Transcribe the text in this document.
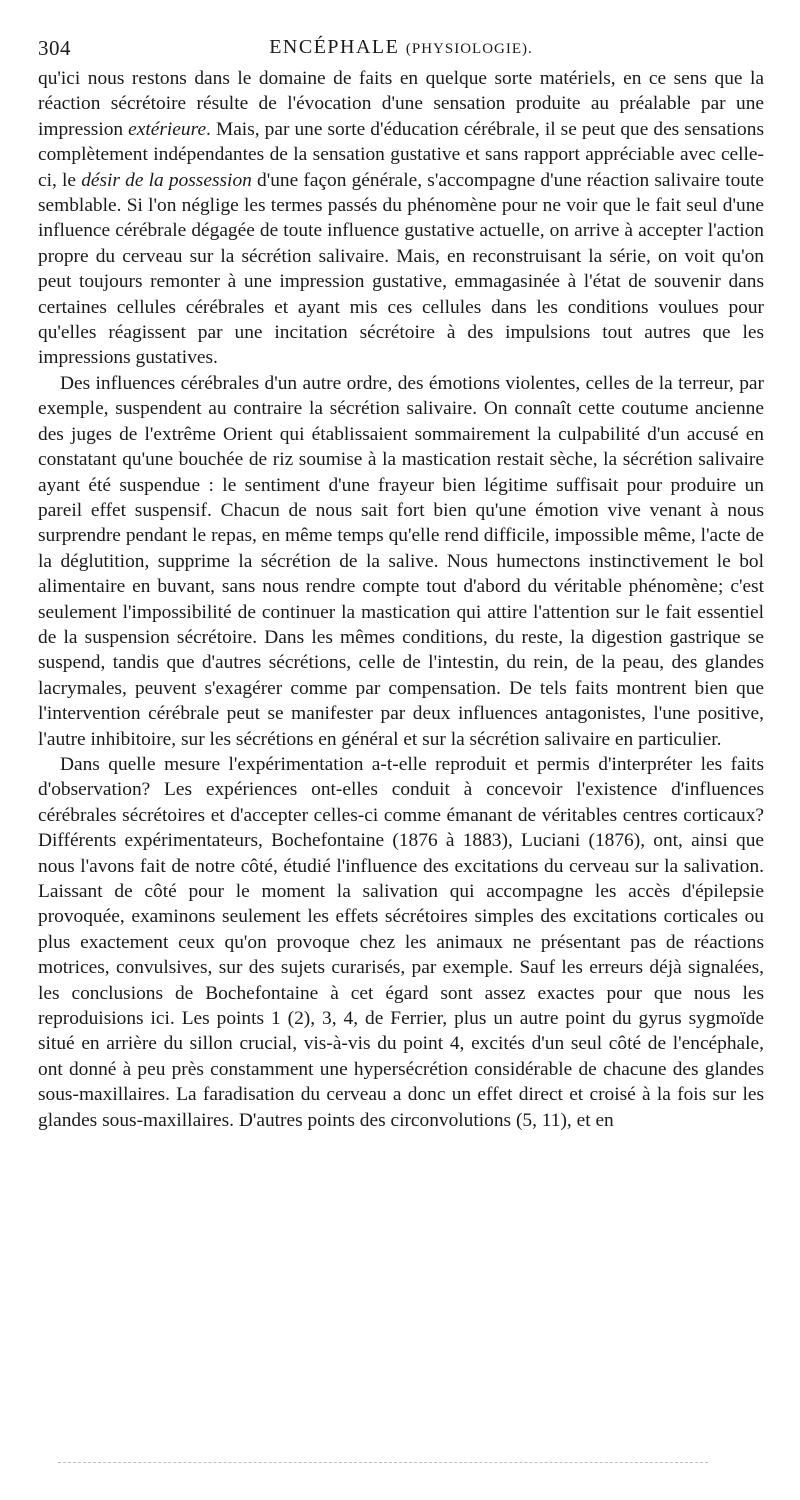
304	ENCÉPHALE (PHYSIOLOGIE).

qu'ici nous restons dans le domaine de faits en quelque sorte matériels, en ce sens que la réaction sécrétoire résulte de l'évocation d'une sensation produite au préalable par une impression extérieure. Mais, par une sorte d'éducation cérébrale, il se peut que des sensations complètement indépendantes de la sensation gustative et sans rapport appréciable avec celle-ci, le désir de la possession d'une façon générale, s'accompagne d'une réaction salivaire toute semblable. Si l'on néglige les termes passés du phénomène pour ne voir que le fait seul d'une influence cérébrale dégagée de toute influence gustative actuelle, on arrive à accepter l'action propre du cerveau sur la sécrétion salivaire. Mais, en reconstruisant la série, on voit qu'on peut toujours remonter à une impression gustative, emmagasinée à l'état de souvenir dans certaines cellules cérébrales et ayant mis ces cellules dans les conditions voulues pour qu'elles réagissent par une incitation sécrétoire à des impulsions tout autres que les impressions gustatives.

Des influences cérébrales d'un autre ordre, des émotions violentes, celles de la terreur, par exemple, suspendent au contraire la sécrétion salivaire. On connaît cette coutume ancienne des juges de l'extrême Orient qui établissaient sommairement la culpabilité d'un accusé en constatant qu'une bouchée de riz soumise à la mastication restait sèche, la sécrétion salivaire ayant été suspendue : le sentiment d'une frayeur bien légitime suffisait pour produire un pareil effet suspensif. Chacun de nous sait fort bien qu'une émotion vive venant à nous surprendre pendant le repas, en même temps qu'elle rend difficile, impossible même, l'acte de la déglutition, supprime la sécrétion de la salive. Nous humectons instinctivement le bol alimentaire en buvant, sans nous rendre compte tout d'abord du véritable phénomène; c'est seulement l'impossibilité de continuer la mastication qui attire l'attention sur le fait essentiel de la suspension sécrétoire. Dans les mêmes conditions, du reste, la digestion gastrique se suspend, tandis que d'autres sécrétions, celle de l'intestin, du rein, de la peau, des glandes lacrymales, peuvent s'exagérer comme par compensation. De tels faits montrent bien que l'intervention cérébrale peut se manifester par deux influences antagonistes, l'une positive, l'autre inhibitoire, sur les sécrétions en général et sur la sécrétion salivaire en particulier.

Dans quelle mesure l'expérimentation a-t-elle reproduit et permis d'interpréter les faits d'observation? Les expériences ont-elles conduit à concevoir l'existence d'influences cérébrales sécrétoires et d'accepter celles-ci comme émanant de véritables centres corticaux? Différents expérimentateurs, Bochefontaine (1876 à 1883), Luciani (1876), ont, ainsi que nous l'avons fait de notre côté, étudié l'influence des excitations du cerveau sur la salivation. Laissant de côté pour le moment la salivation qui accompagne les accès d'épilepsie provoquée, examinons seulement les effets sécrétoires simples des excitations corticales ou plus exactement ceux qu'on provoque chez les animaux ne présentant pas de réactions motrices, convulsives, sur des sujets curarisés, par exemple. Sauf les erreurs déjà signalées, les conclusions de Bochefontaine à cet égard sont assez exactes pour que nous les reproduisions ici. Les points 1 (2), 3, 4, de Ferrier, plus un autre point du gyrus sygmoïde situé en arrière du sillon crucial, vis-à-vis du point 4, excités d'un seul côté de l'encéphale, ont donné à peu près constamment une hypersécrétion considérable de chacune des glandes sous-maxillaires. La faradisation du cerveau a donc un effet direct et croisé à la fois sur les glandes sous-maxillaires. D'autres points des circonvolutions (5, 11), et en
